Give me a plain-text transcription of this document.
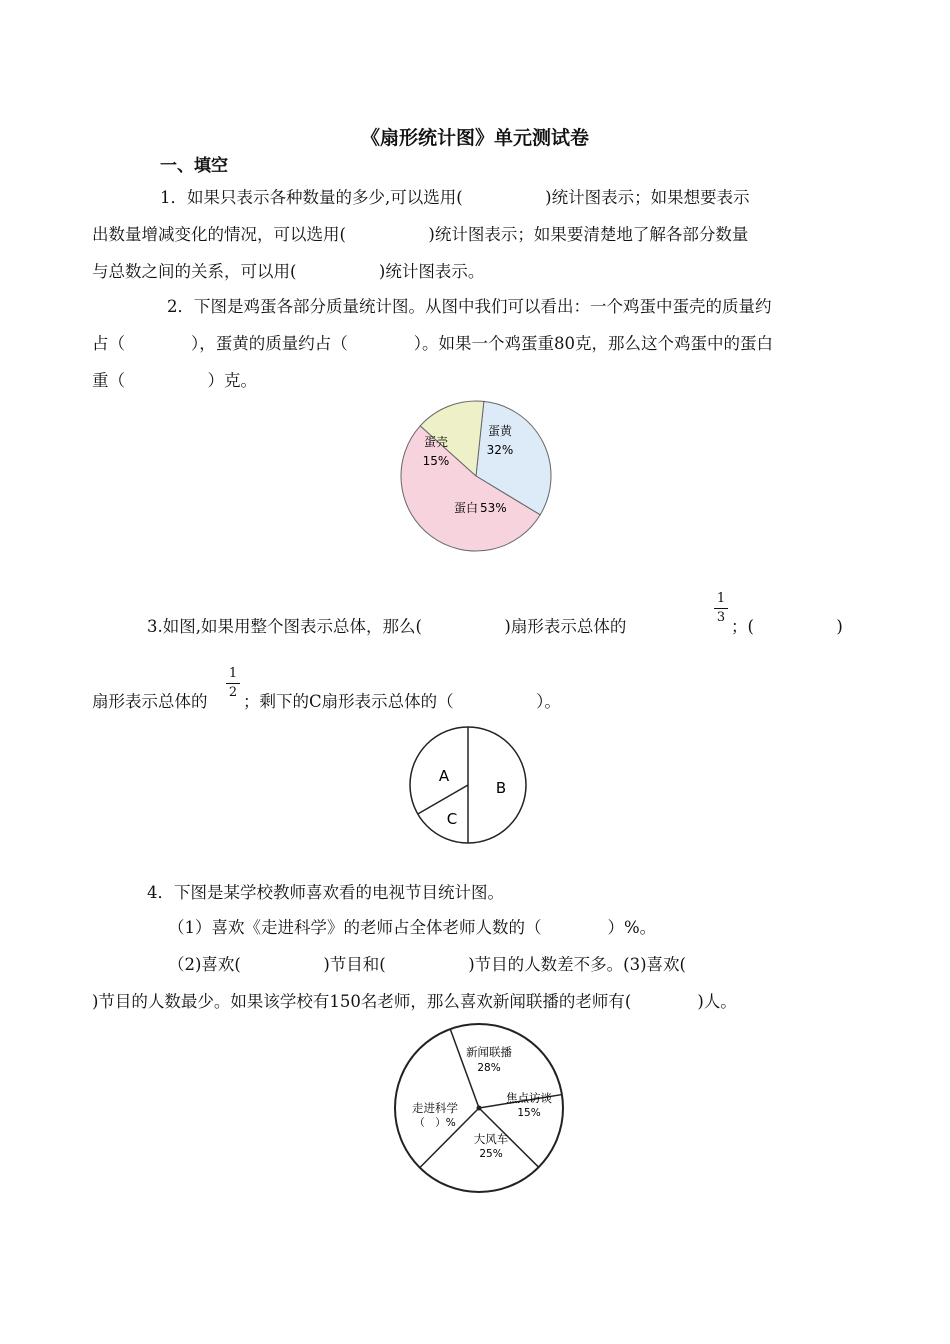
《扇形统计图》单元测试卷
一、填空
1．如果只表示各种数量的多少,可以选用(　　　　　)统计图表示；如果想要表示
出数量增减变化的情况，可以选用(　　　　　)统计图表示；如果要清楚地了解各部分数量
与总数之间的关系，可以用(　　　　　)统计图表示。
2．下图是鸡蛋各部分质量统计图。从图中我们可以看出：一个鸡蛋中蛋壳的质量约
占（　　　　），蛋黄的质量约占（　　　　）。如果一个鸡蛋重80克，那么这个鸡蛋中的蛋白
重（　　　　　）克。
蛋黄
32%
蛋壳
15%
蛋白 53%
3.如图,如果用整个图表示总体，那么(　　　　　)扇形表示总体的
1
3 ；(　　　　　)
扇形表示总体的
1
2 ；剩下的C扇形表示总体的（　　　　　）。
B
A
C
4．下图是某学校教师喜欢看的电视节目统计图。
（1）喜欢《走进科学》的老师占全体老师人数的（　　　　）%。
（2)喜欢(　　　　　)节目和(　　　　　)节目的人数差不多。(3)喜欢(
)节目的人数最少。如果该学校有150名老师，那么喜欢新闻联播的老师有(　　　　)人。
新闻联播
28%
焦点访谈
15%
大风车
25%
走进科学
（　）%
